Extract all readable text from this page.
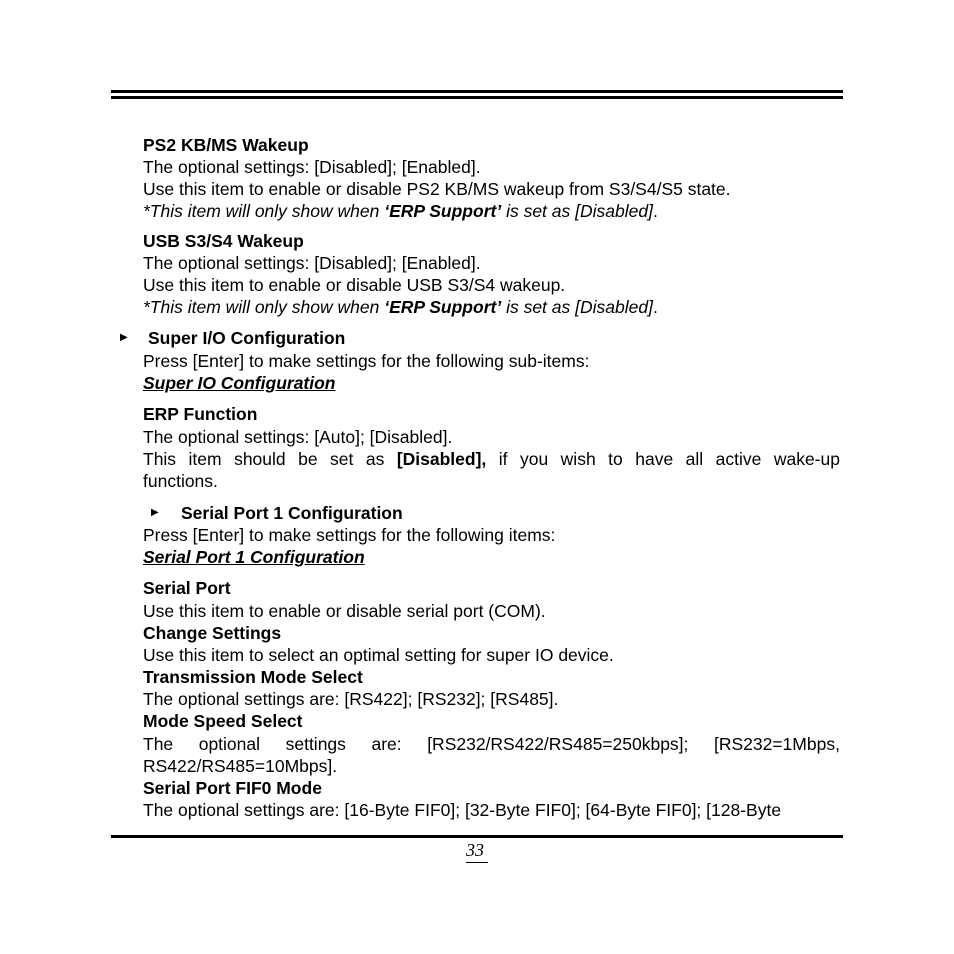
PS2 KB/MS Wakeup
The optional settings: [Disabled]; [Enabled].
Use this item to enable or disable PS2 KB/MS wakeup from S3/S4/S5 state.
*This item will only show when ‘ERP Support’ is set as [Disabled].
USB S3/S4 Wakeup
The optional settings: [Disabled]; [Enabled].
Use this item to enable or disable USB S3/S4 wakeup.
*This item will only show when ‘ERP Support’ is set as [Disabled].
▶ Super I/O Configuration
Press [Enter] to make settings for the following sub-items:
Super IO Configuration
ERP Function
The optional settings: [Auto]; [Disabled].
This item should be set as [Disabled], if you wish to have all active wake-up
functions.
▶ Serial Port 1 Configuration
Press [Enter] to make settings for the following items:
Serial Port 1 Configuration
Serial Port
Use this item to enable or disable serial port (COM).
Change Settings
Use this item to select an optimal setting for super IO device.
Transmission Mode Select
The optional settings are: [RS422]; [RS232]; [RS485].
Mode Speed Select
The optional settings are: [RS232/RS422/RS485=250kbps]; [RS232=1Mbps,
RS422/RS485=10Mbps].
Serial Port FIF0 Mode
The optional settings are: [16-Byte FIF0]; [32-Byte FIF0]; [64-Byte FIF0]; [128-Byte
33
